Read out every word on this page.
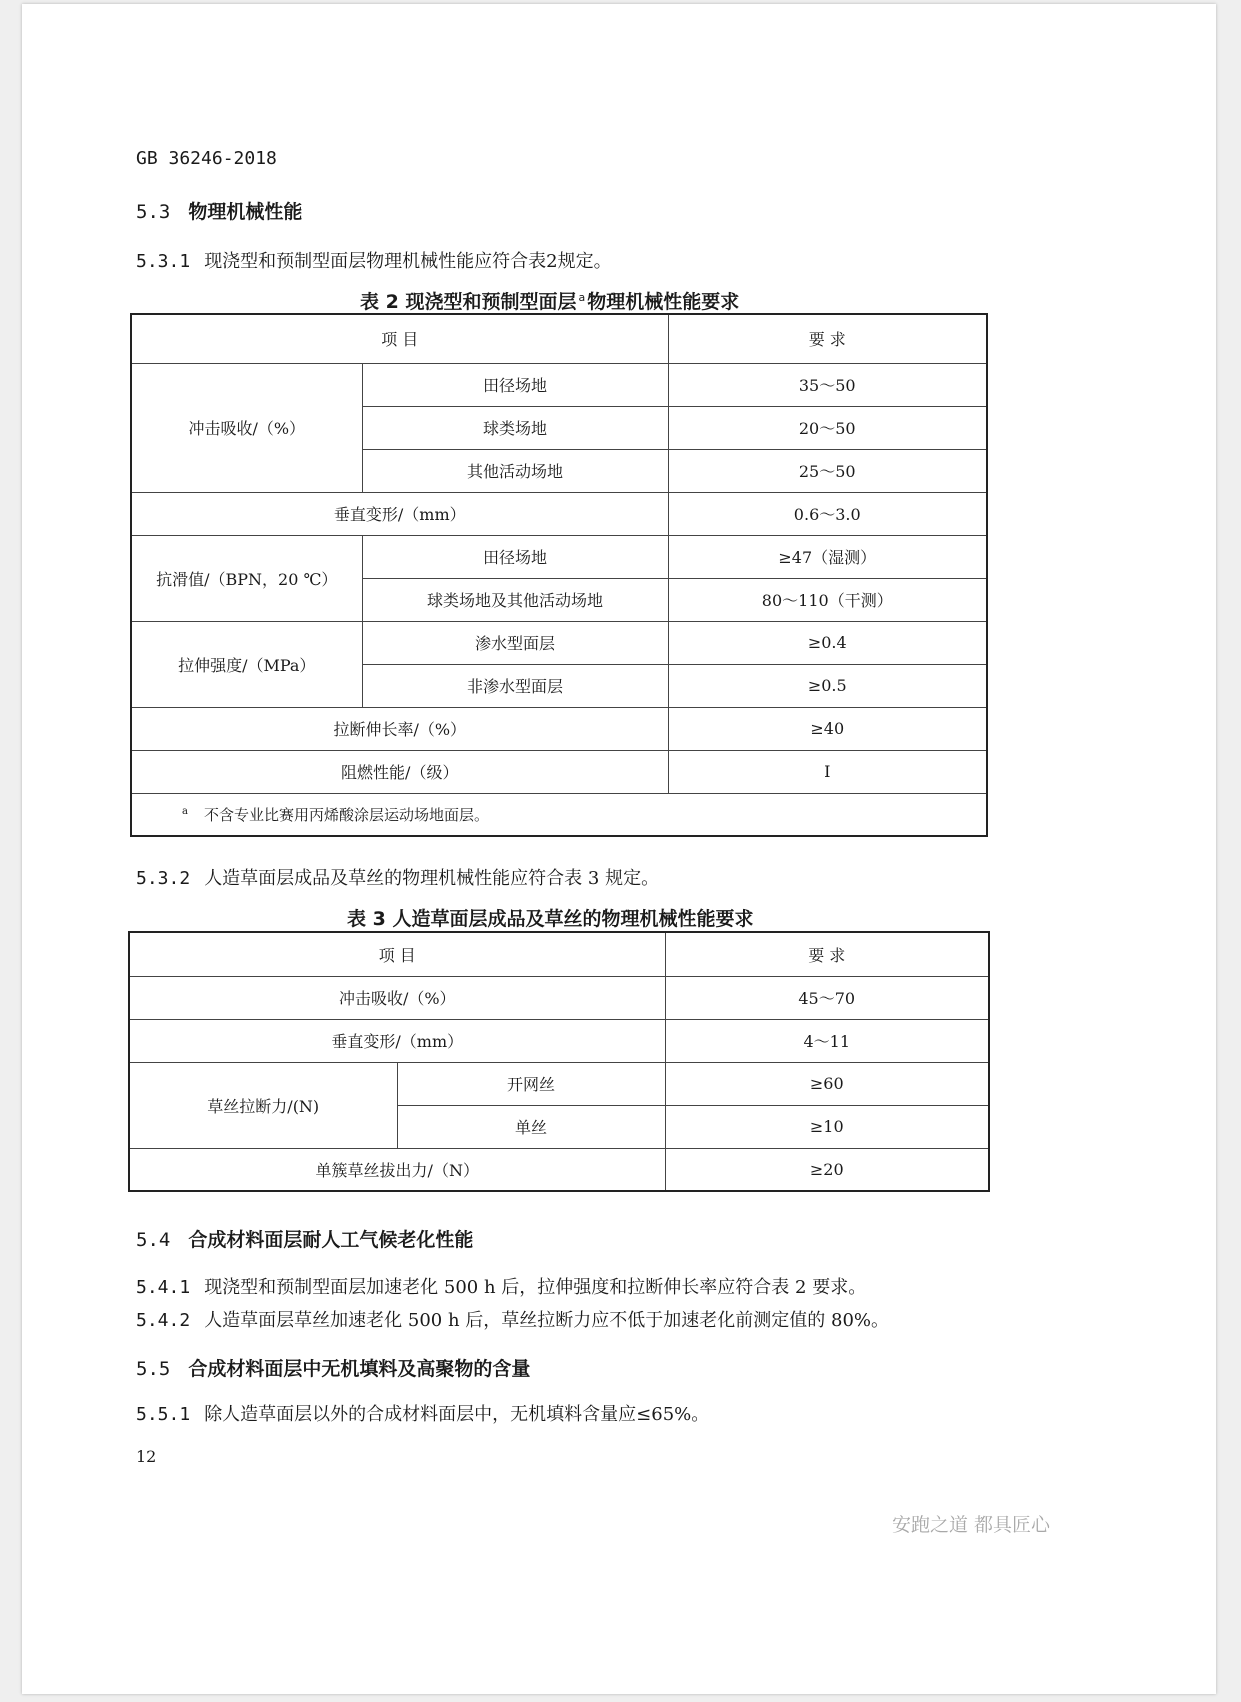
GB 36246-2018
5.3 物理机械性能
5.3.1 现浇型和预制型面层物理机械性能应符合表2规定。
表 2 现浇型和预制型面层 $^a$ 物理机械性能要求
项 目		要 求
冲击吸收/（%）	田径场地	35～50
	球类场地	20～50
	其他活动场地	25～50
垂直变形/（mm）		0.6～3.0
抗滑值/（BPN，20 ℃）	田径场地	≥47（湿测）
	球类场地及其他活动场地	80～110（干测）
拉伸强度/（MPa）	渗水型面层	≥0.4
	非渗水型面层	≥0.5
拉断伸长率/（%）		≥40
阻燃性能/（级）		I
$^a$ 不含专业比赛用丙烯酸涂层运动场地面层。		
5.3.2 人造草面层成品及草丝的物理机械性能应符合表 3 规定。
表 3 人造草面层成品及草丝的物理机械性能要求
项 目		要 求
冲击吸收/（%）		45～70
垂直变形/（mm）		4～11
草丝拉断力/(N)	开网丝	≥60
	单丝	≥10
单簇草丝拔出力/（N）		≥20
5.4 合成材料面层耐人工气候老化性能
5.4.1 现浇型和预制型面层加速老化 500 h 后，拉伸强度和拉断伸长率应符合表 2 要求。
5.4.2 人造草面层草丝加速老化 500 h 后，草丝拉断力应不低于加速老化前测定值的 80%。
5.5 合成材料面层中无机填料及高聚物的含量
5.5.1 除人造草面层以外的合成材料面层中，无机填料含量应≤65%。
12
安跑之道 都具匠心
